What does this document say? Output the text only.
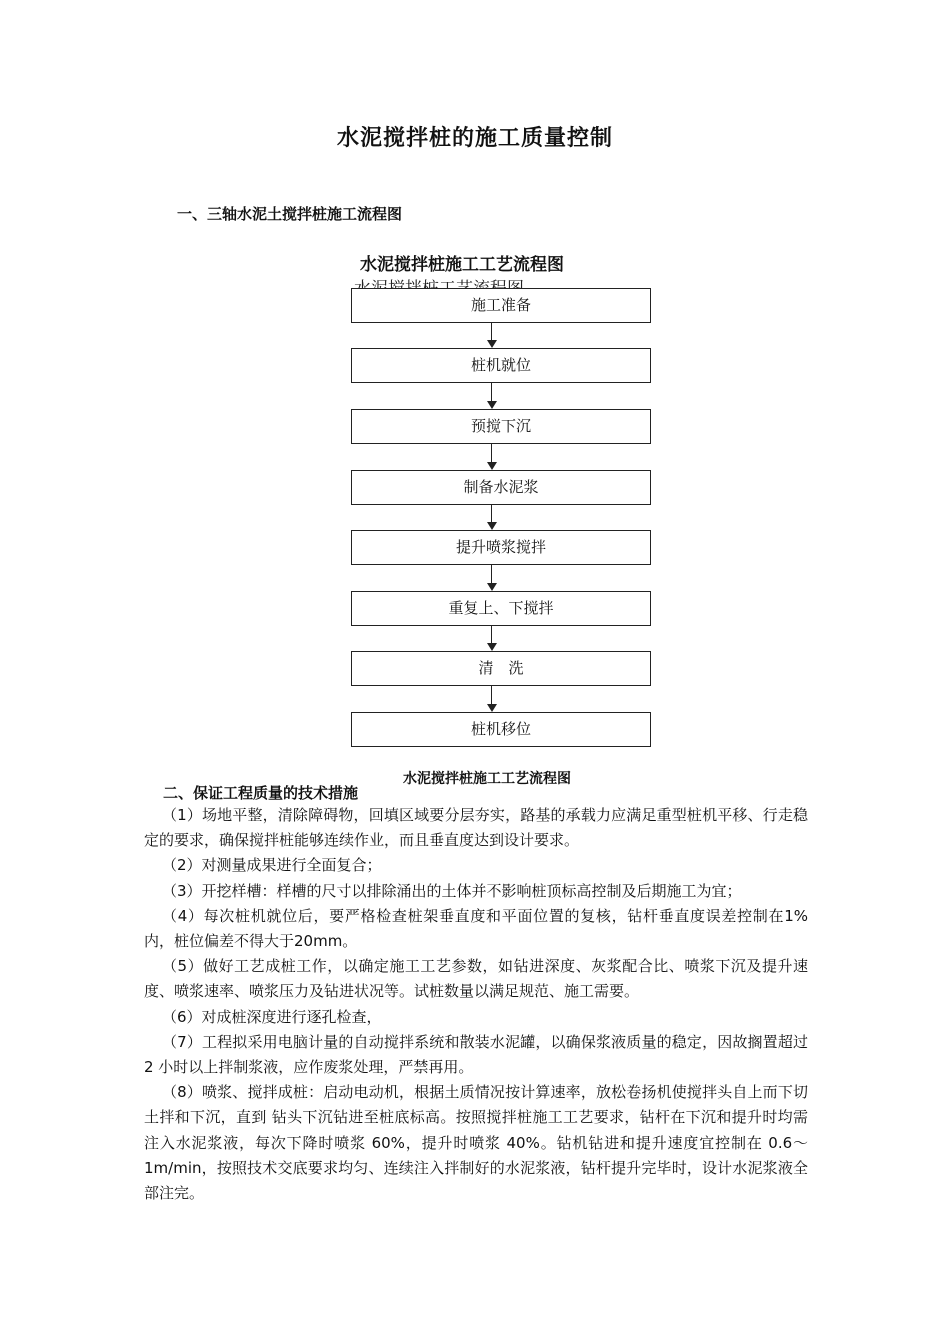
水泥搅拌桩的施工质量控制
一、三轴水泥土搅拌桩施工流程图
水泥搅拌桩施工工艺流程图
施工准备
桩机就位
预搅下沉
制备水泥浆
提升喷浆搅拌
重复上、下搅拌
清　洗
桩机移位
水泥搅拌桩施工工艺流程图
二、保证工程质量的技术措施

（1）场地平整，清除障碍物，回填区域要分层夯实，路基的承载力应满足重型桩机平移、行走稳定的要求，确保搅拌桩能够连续作业，而且垂直度达到设计要求。

（2）对测量成果进行全面复合；

（3）开挖样槽：样槽的尺寸以排除涌出的土体并不影响桩顶标高控制及后期施工为宜；

（4）每次桩机就位后，要严格检查桩架垂直度和平面位置的复核，钻杆垂直度误差控制在1%内，桩位偏差不得大于20mm。

（5）做好工艺成桩工作，以确定施工工艺参数，如钻进深度、灰浆配合比、喷浆下沉及提升速度、喷浆速率、喷浆压力及钻进状况等。试桩数量以满足规范、施工需要。

（6）对成桩深度进行逐孔检查，

（7）工程拟采用电脑计量的自动搅拌系统和散装水泥罐，以确保浆液质量的稳定，因故搁置超过 2 小时以上拌制浆液，应作废浆处理，严禁再用。

（8）喷浆、搅拌成桩：启动电动机，根据土质情况按计算速率，放松卷扬机使搅拌头自上而下切土拌和下沉，直到 钻头下沉钻进至桩底标高。按照搅拌桩施工工艺要求，钻杆在下沉和提升时均需注入水泥浆液，每次下降时喷浆 60%，提升时喷浆 40%。钻机钻进和提升速度宜控制在 0.6～1m/min，按照技术交底要求均匀、连续注入拌制好的水泥浆液，钻杆提升完毕时，设计水泥浆液全部注完。
